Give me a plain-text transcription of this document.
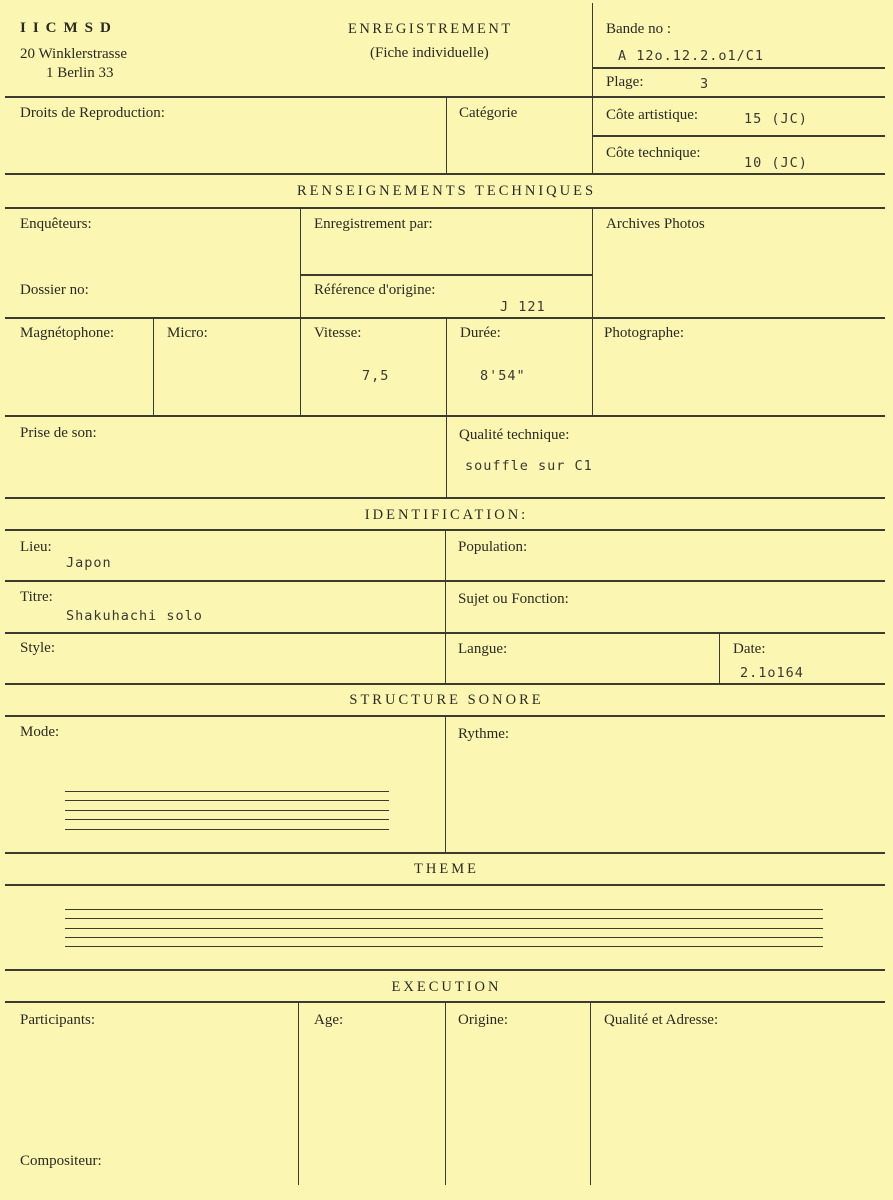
IICMSD
20 Winklerstrasse
1 Berlin 33
ENREGISTREMENT
(Fiche individuelle)
Bande no :
A 12o.12.2.o1/C1
Plage:	3
Droits de Reproduction:	Catégorie	Côte artistique:	15 (JC)
Côte technique:
10 (JC)
RENSEIGNEMENTS TECHNIQUES
Enquêteurs:	Enregistrement par:	Archives Photos
Dossier no:	Référence d'origine:
J 121
Magnétophone:	Micro:	Vitesse:
7,5
Durée:
8'54"
Photographe:
Prise de son:	Qualité technique:
souffle sur C1
IDENTIFICATION:
Lieu:
Japon
Population:
Titre:
Shakuhachi solo
Sujet ou Fonction:
Style:	Langue:	Date:
2.1o164
STRUCTURE SONORE
Mode:	Rythme:
THEME
EXECUTION
Participants:	Age:	Origine:	Qualité et Adresse:
Compositeur:
